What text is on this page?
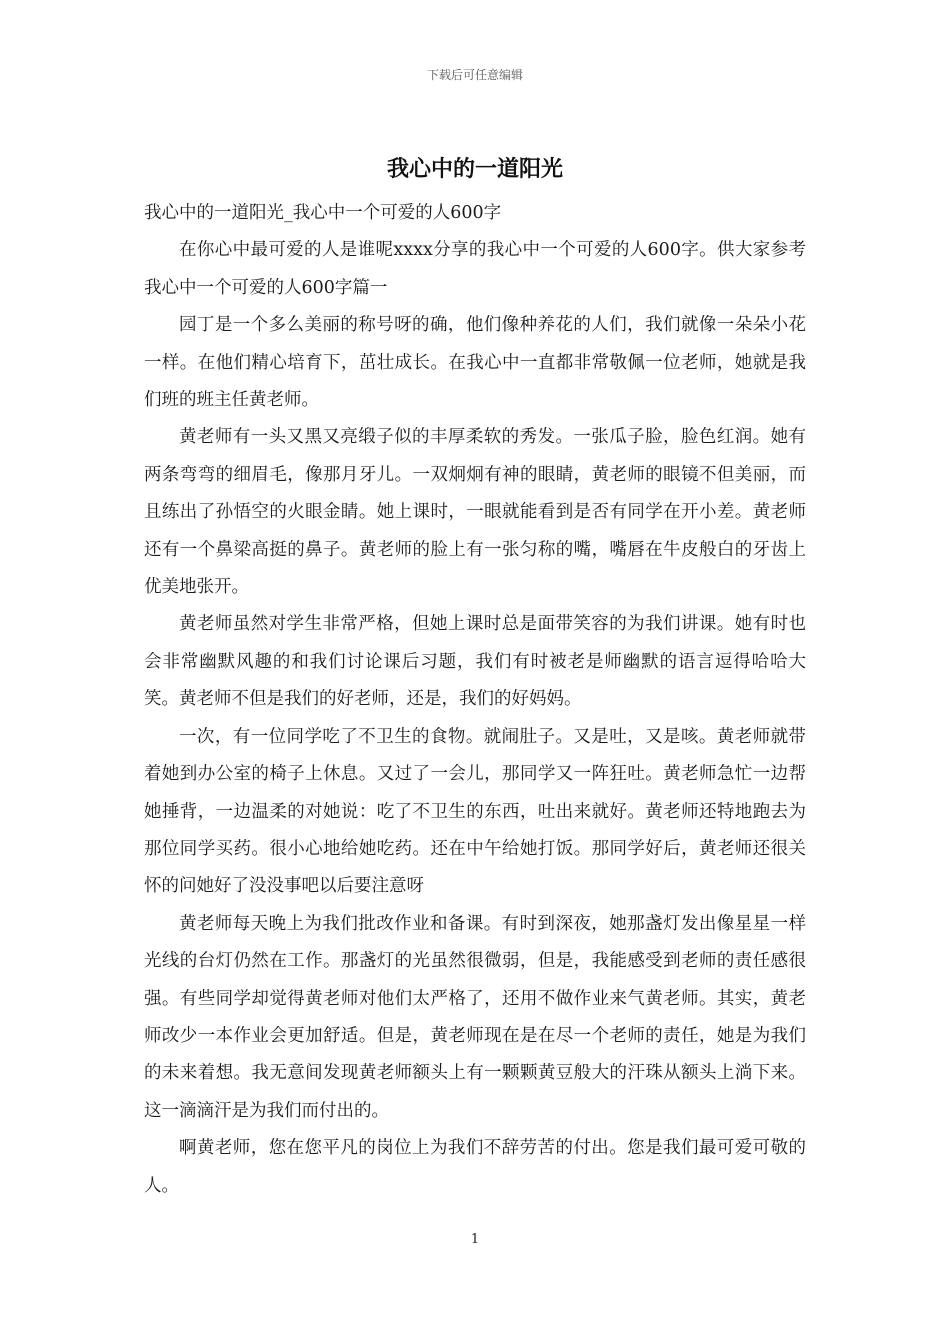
下载后可任意编辑
我心中的一道阳光

我心中的一道阳光_我心中一个可爱的人600字

在你心中最可爱的人是谁呢xxxx分享的我心中一个可爱的人600字。供大家参考我心中一个可爱的人600字篇一

园丁是一个多么美丽的称号呀的确，他们像种养花的人们，我们就像一朵朵小花一样。在他们精心培育下，茁壮成长。在我心中一直都非常敬佩一位老师，她就是我们班的班主任黄老师。

黄老师有一头又黑又亮缎子似的丰厚柔软的秀发。一张瓜子脸，脸色红润。她有两条弯弯的细眉毛，像那月牙儿。一双炯炯有神的眼睛，黄老师的眼镜不但美丽，而且练出了孙悟空的火眼金睛。她上课时，一眼就能看到是否有同学在开小差。黄老师还有一个鼻梁高挺的鼻子。黄老师的脸上有一张匀称的嘴，嘴唇在牛皮般白的牙齿上优美地张开。

黄老师虽然对学生非常严格，但她上课时总是面带笑容的为我们讲课。她有时也会非常幽默风趣的和我们讨论课后习题，我们有时被老是师幽默的语言逗得哈哈大笑。黄老师不但是我们的好老师，还是，我们的好妈妈。

一次，有一位同学吃了不卫生的食物。就闹肚子。又是吐，又是咳。黄老师就带着她到办公室的椅子上休息。又过了一会儿，那同学又一阵狂吐。黄老师急忙一边帮她捶背，一边温柔的对她说：吃了不卫生的东西，吐出来就好。黄老师还特地跑去为那位同学买药。很小心地给她吃药。还在中午给她打饭。那同学好后，黄老师还很关怀的问她好了没没事吧以后要注意呀

黄老师每天晚上为我们批改作业和备课。有时到深夜，她那盏灯发出像星星一样光线的台灯仍然在工作。那盏灯的光虽然很微弱，但是，我能感受到老师的责任感很强。有些同学却觉得黄老师对他们太严格了，还用不做作业来气黄老师。其实，黄老师改少一本作业会更加舒适。但是，黄老师现在是在尽一个老师的责任，她是为我们的未来着想。我无意间发现黄老师额头上有一颗颗黄豆般大的汗珠从额头上淌下来。这一滴滴汗是为我们而付出的。

啊黄老师，您在您平凡的岗位上为我们不辞劳苦的付出。您是我们最可爱可敬的人。

1
